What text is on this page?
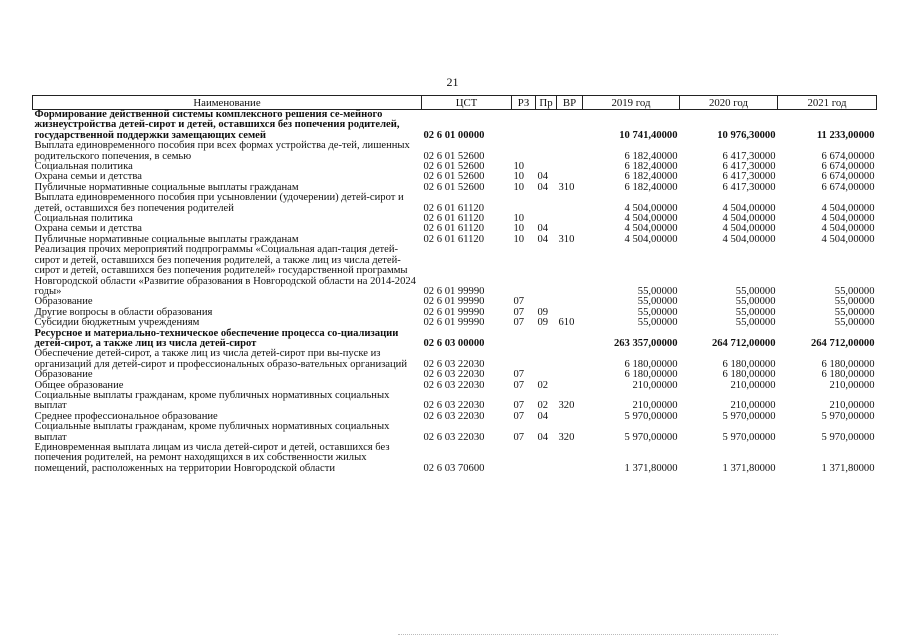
21
Наименование	ЦСТ	РЗ	Пр	ВР	2019 год	2020 год	2021 год
Формирование действенной системы комплексного решения се-мейного жизнеустройства детей-сирот и детей, оставшихся без попечения родителей, государственной поддержки замещающих семей	02 6 01 00000				10 741,40000	10 976,30000	11 233,00000
Выплата единовременного пособия при всех формах устройства де-тей, лишенных родительского попечения, в семью	02 6 01 52600				6 182,40000	6 417,30000	6 674,00000
Социальная политика	02 6 01 52600	10			6 182,40000	6 417,30000	6 674,00000
Охрана семьи и детства	02 6 01 52600	10	04		6 182,40000	6 417,30000	6 674,00000
Публичные нормативные социальные выплаты гражданам	02 6 01 52600	10	04	310	6 182,40000	6 417,30000	6 674,00000
Выплата единовременного пособия при усыновлении (удочерении) детей-сирот и детей, оставшихся без попечения родителей	02 6 01 61120				4 504,00000	4 504,00000	4 504,00000
Социальная политика	02 6 01 61120	10			4 504,00000	4 504,00000	4 504,00000
Охрана семьи и детства	02 6 01 61120	10	04		4 504,00000	4 504,00000	4 504,00000
Публичные нормативные социальные выплаты гражданам	02 6 01 61120	10	04	310	4 504,00000	4 504,00000	4 504,00000
Реализация прочих мероприятий подпрограммы «Социальная адап-тация детей-сирот и детей, оставшихся без попечения родителей, а также лиц из числа детей-сирот и детей, оставшихся без попечения родителей» государственной программы Новгородской области «Развитие образования в Новгородской области на 2014-2024 годы»	02 6 01 99990				55,00000	55,00000	55,00000
Образование	02 6 01 99990	07			55,00000	55,00000	55,00000
Другие вопросы в области образования	02 6 01 99990	07	09		55,00000	55,00000	55,00000
Субсидии бюджетным учреждениям	02 6 01 99990	07	09	610	55,00000	55,00000	55,00000
Ресурсное и материально-техническое обеспечение процесса со-циализации детей-сирот, а также лиц из числа детей-сирот	02 6 03 00000				263 357,00000	264 712,00000	264 712,00000
Обеспечение детей-сирот, а также лиц из числа детей-сирот при вы-пуске из организаций для детей-сирот и профессиональных образо-вательных организаций	02 6 03 22030				6 180,00000	6 180,00000	6 180,00000
Образование	02 6 03 22030	07			6 180,00000	6 180,00000	6 180,00000
Общее образование	02 6 03 22030	07	02		210,00000	210,00000	210,00000
Социальные выплаты гражданам, кроме публичных нормативных социальных выплат	02 6 03 22030	07	02	320	210,00000	210,00000	210,00000
Среднее профессиональное образование	02 6 03 22030	07	04		5 970,00000	5 970,00000	5 970,00000
Социальные выплаты гражданам, кроме публичных нормативных социальных выплат	02 6 03 22030	07	04	320	5 970,00000	5 970,00000	5 970,00000
Единовременная выплата лицам из числа детей-сирот и детей, оставшихся без попечения родителей, на ремонт находящихся в их собственности жилых помещений, расположенных на территории Новгородской области	02 6 03 70600				1 371,80000	1 371,80000	1 371,80000
